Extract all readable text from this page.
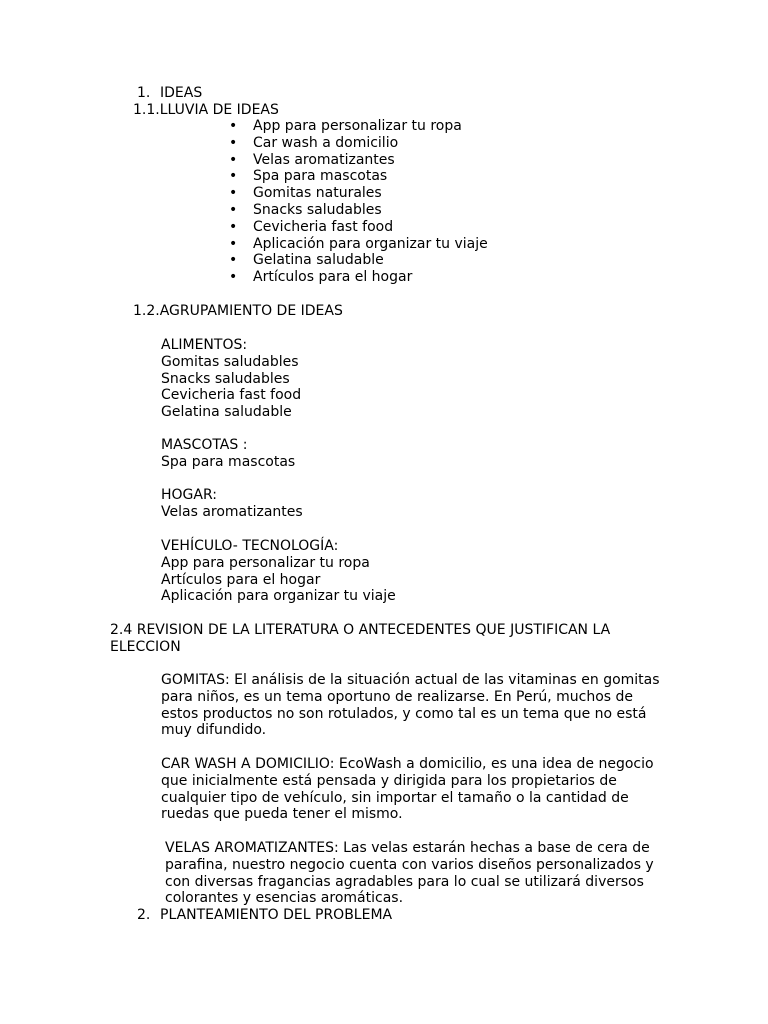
1. IDEAS
1.1.LLUVIA DE IDEAS
• App para personalizar tu ropa
• Car wash a domicilio
• Velas aromatizantes
• Spa para mascotas
• Gomitas naturales
• Snacks saludables
• Cevicheria fast food
• Aplicación para organizar tu viaje
• Gelatina saludable
• Artículos para el hogar
1.2.AGRUPAMIENTO DE IDEAS
ALIMENTOS:
Gomitas saludables
Snacks saludables
Cevicheria fast food
Gelatina saludable
MASCOTAS :
Spa para mascotas
HOGAR:
Velas aromatizantes
VEHÍCULO- TECNOLOGÍA:
App para personalizar tu ropa
Artículos para el hogar
Aplicación para organizar tu viaje
2.4 REVISION DE LA LITERATURA O ANTECEDENTES QUE JUSTIFICAN LA ELECCION
GOMITAS: El análisis de la situación actual de las vitaminas en gomitas para niños, es un tema oportuno de realizarse. En Perú, muchos de estos productos no son rotulados, y como tal es un tema que no está muy difundido.
CAR WASH A DOMICILIO: EcoWash a domicilio, es una idea de negocio que inicialmente está pensada y dirigida para los propietarios de cualquier tipo de vehículo, sin importar el tamaño o la cantidad de ruedas que pueda tener el mismo.
VELAS AROMATIZANTES: Las velas estarán hechas a base de cera de parafina, nuestro negocio cuenta con varios diseños personalizados y con diversas fragancias agradables para lo cual se utilizará diversos colorantes y esencias aromáticas.
2. PLANTEAMIENTO DEL PROBLEMA
